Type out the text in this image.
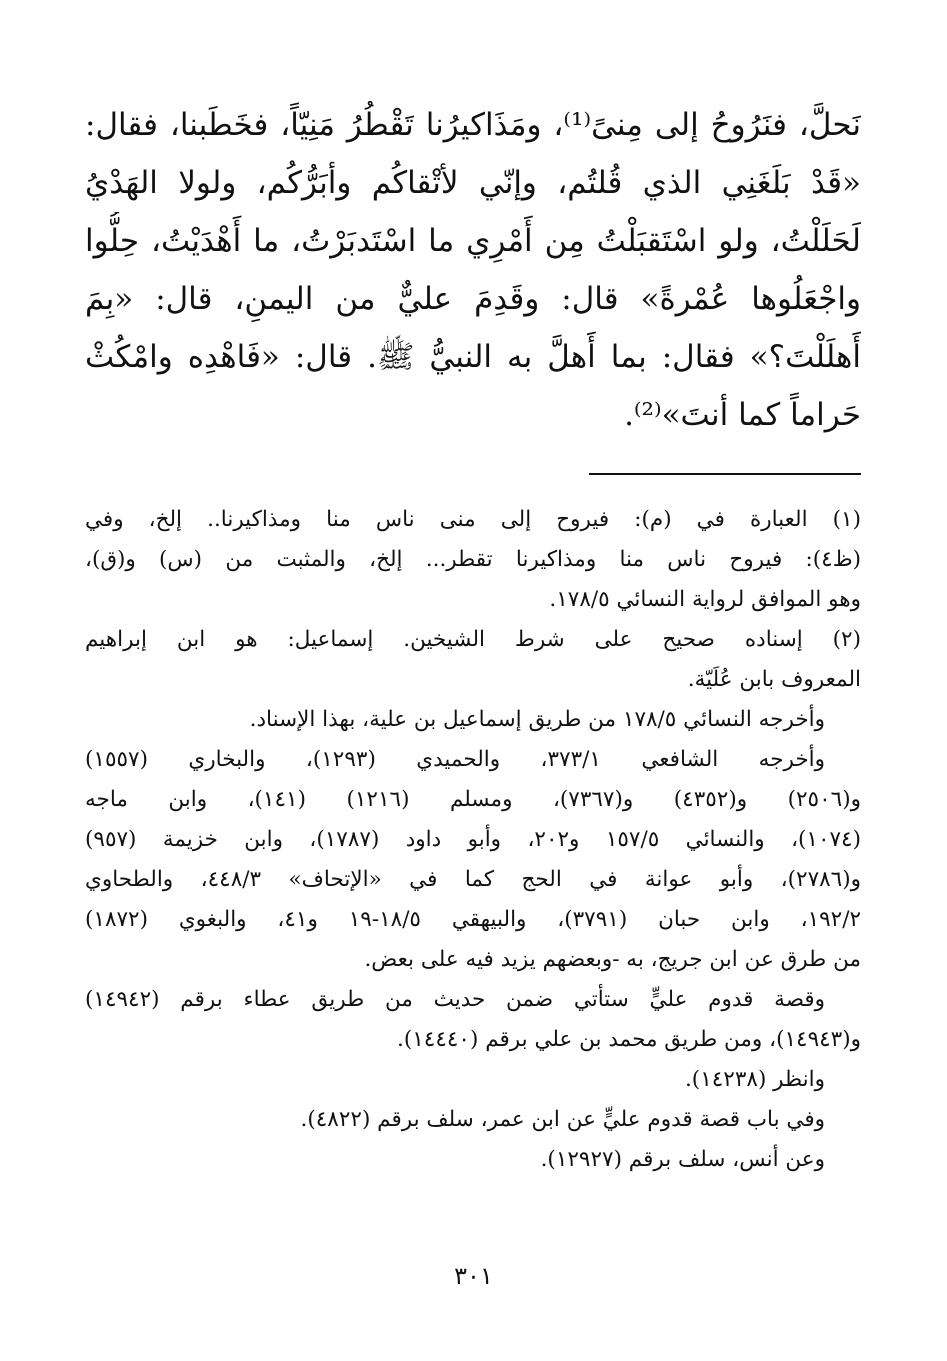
نَحلَّ، فنَرُوحُ إلى مِنىً⁽¹⁾، ومَذَاكيرُنا تَقْطُرُ مَنِيّاً، فخَطَبنا، فقال:
«قَدْ بَلَغَنِي الذي قُلتُم، وإنّي لأتْقاكُم وأبَرُّكُم، ولولا الهَدْيُ
لَحَلَلْتُ، ولو اسْتَقبَلْتُ مِن أَمْرِي ما اسْتَدبَرْتُ، ما أَهْدَيْتُ، حِلُّوا
واجْعَلُوها عُمْرةً» قال: وقَدِمَ عليٌّ من اليمنِ، قال: «بِمَ
أَهلَلْتَ؟» فقال: بما أَهلَّ به النبيُّ ﷺ. قال: «فَاهْدِه وامْكُثْ
حَراماً كما أنتَ»⁽²⁾.
(١) العبارة في (م): فيروح إلى منى ناس منا ومذاكيرنا.. إلخ، وفي
(ظ٤): فيروح ناس منا ومذاكيرنا تقطر... إلخ، والمثبت من (س) و(ق)،
وهو الموافق لرواية النسائي ١٧٨/٥.
(٢) إسناده صحيح على شرط الشيخين. إسماعيل: هو ابن إبراهيم
المعروف بابن عُلَيّة.
وأخرجه النسائي ١٧٨/٥ من طريق إسماعيل بن علية، بهذا الإسناد.
وأخرجه الشافعي ٣٧٣/١، والحميدي (١٢٩٣)، والبخاري (١٥٥٧)
و(٢٥٠٦) و(٤٣٥٢) و(٧٣٦٧)، ومسلم (١٢١٦) (١٤١)، وابن ماجه
(١٠٧٤)، والنسائي ١٥٧/٥ و٢٠٢، وأبو داود (١٧٨٧)، وابن خزيمة (٩٥٧)
و(٢٧٨٦)، وأبو عوانة في الحج كما في «الإتحاف» ٤٤٨/٣، والطحاوي
١٩٢/٢، وابن حبان (٣٧٩١)، والبيهقي ١٨/٥-١٩ و٤١، والبغوي (١٨٧٢)
من طرق عن ابن جريج، به -وبعضهم يزيد فيه على بعض.
وقصة قدوم عليٍّ ستأتي ضمن حديث من طريق عطاء برقم (١٤٩٤٢)
و(١٤٩٤٣)، ومن طريق محمد بن علي برقم (١٤٤٤٠).
وانظر (١٤٢٣٨).
وفي باب قصة قدوم عليٍّ عن ابن عمر، سلف برقم (٤٨٢٢).
وعن أنس، سلف برقم (١٢٩٢٧).
٣٠١
